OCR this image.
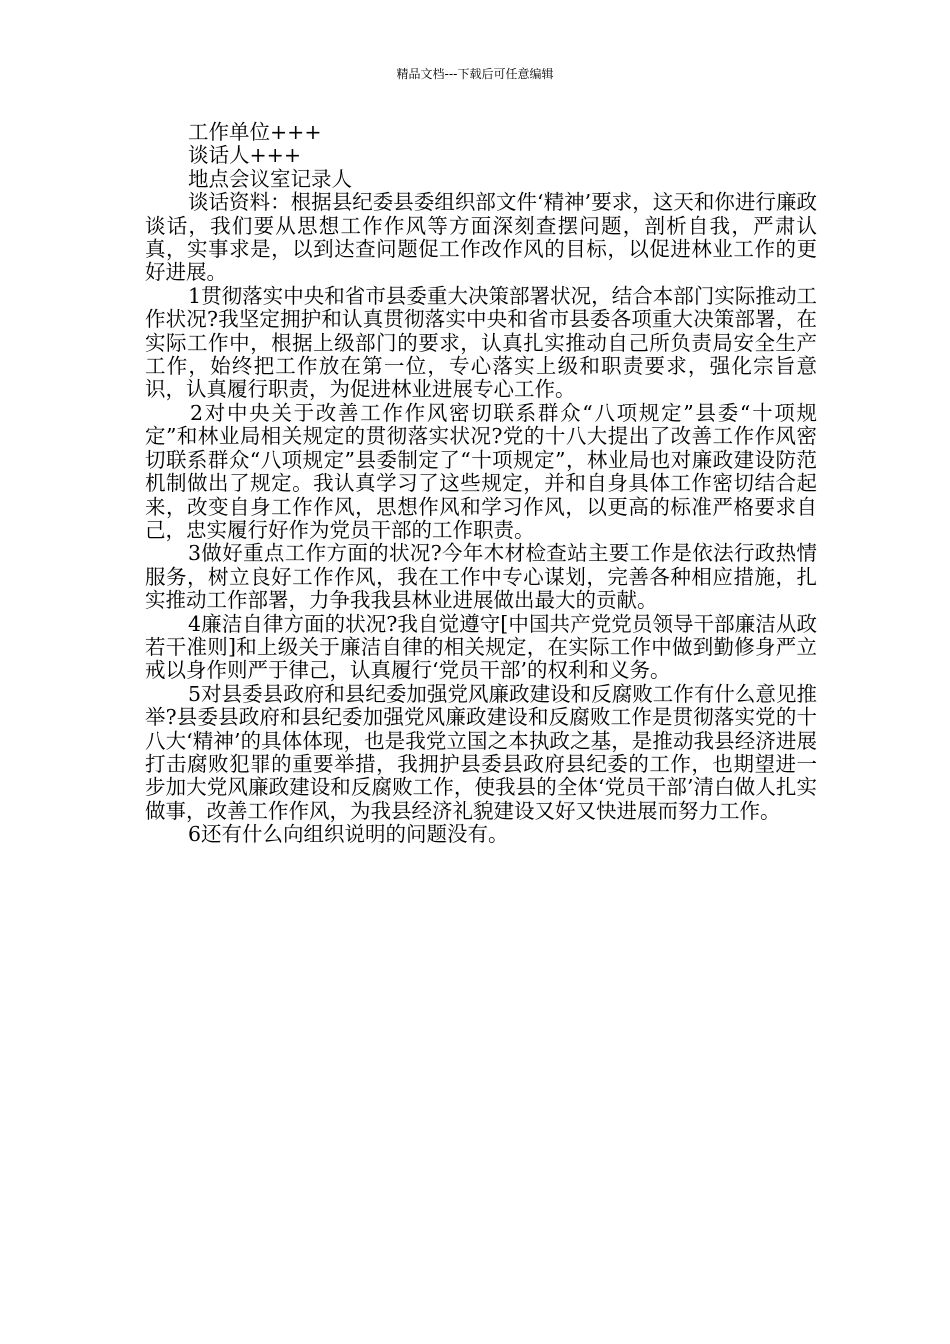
精品文档---下载后可任意编辑
工作单位+++
谈话人+++
地点会议室记录人

谈话资料：根据县纪委县委组织部文件‘精神’要求，这天和你进行廉政谈话，我们要从思想工作作风等方面深刻查摆问题，剖析自我，严肃认真，实事求是，以到达查问题促工作改作风的目标，以促进林业工作的更好进展。

1贯彻落实中央和省市县委重大决策部署状况，结合本部门实际推动工作状况?我坚定拥护和认真贯彻落实中央和省市县委各项重大决策部署，在实际工作中，根据上级部门的要求，认真扎实推动自己所负责局安全生产工作，始终把工作放在第一位，专心落实上级和职责要求，强化宗旨意识，认真履行职责，为促进林业进展专心工作。

2对中央关于改善工作作风密切联系群众“八项规定”县委“十项规定”和林业局相关规定的贯彻落实状况?党的十八大提出了改善工作作风密切联系群众“八项规定”县委制定了“十项规定”，林业局也对廉政建设防范机制做出了规定。我认真学习了这些规定，并和自身具体工作密切结合起来，改变自身工作作风，思想作风和学习作风，以更高的标准严格要求自己，忠实履行好作为党员干部的工作职责。

3做好重点工作方面的状况?今年木材检查站主要工作是依法行政热情服务，树立良好工作作风，我在工作中专心谋划，完善各种相应措施，扎实推动工作部署，力争我我县林业进展做出最大的贡献。

4廉洁自律方面的状况?我自觉遵守[中国共产党党员领导干部廉洁从政若干准则]和上级关于廉洁自律的相关规定，在实际工作中做到勤修身严立戒以身作则严于律己，认真履行‘党员干部’的权利和义务。

5对县委县政府和县纪委加强党风廉政建设和反腐败工作有什么意见推举?县委县政府和县纪委加强党风廉政建设和反腐败工作是贯彻落实党的十八大‘精神’的具体体现，也是我党立国之本执政之基，是推动我县经济进展打击腐败犯罪的重要举措，我拥护县委县政府县纪委的工作，也期望进一步加大党风廉政建设和反腐败工作，使我县的全体‘党员干部’清白做人扎实做事，改善工作作风，为我县经济礼貌建设又好又快进展而努力工作。

6还有什么向组织说明的问题没有。
